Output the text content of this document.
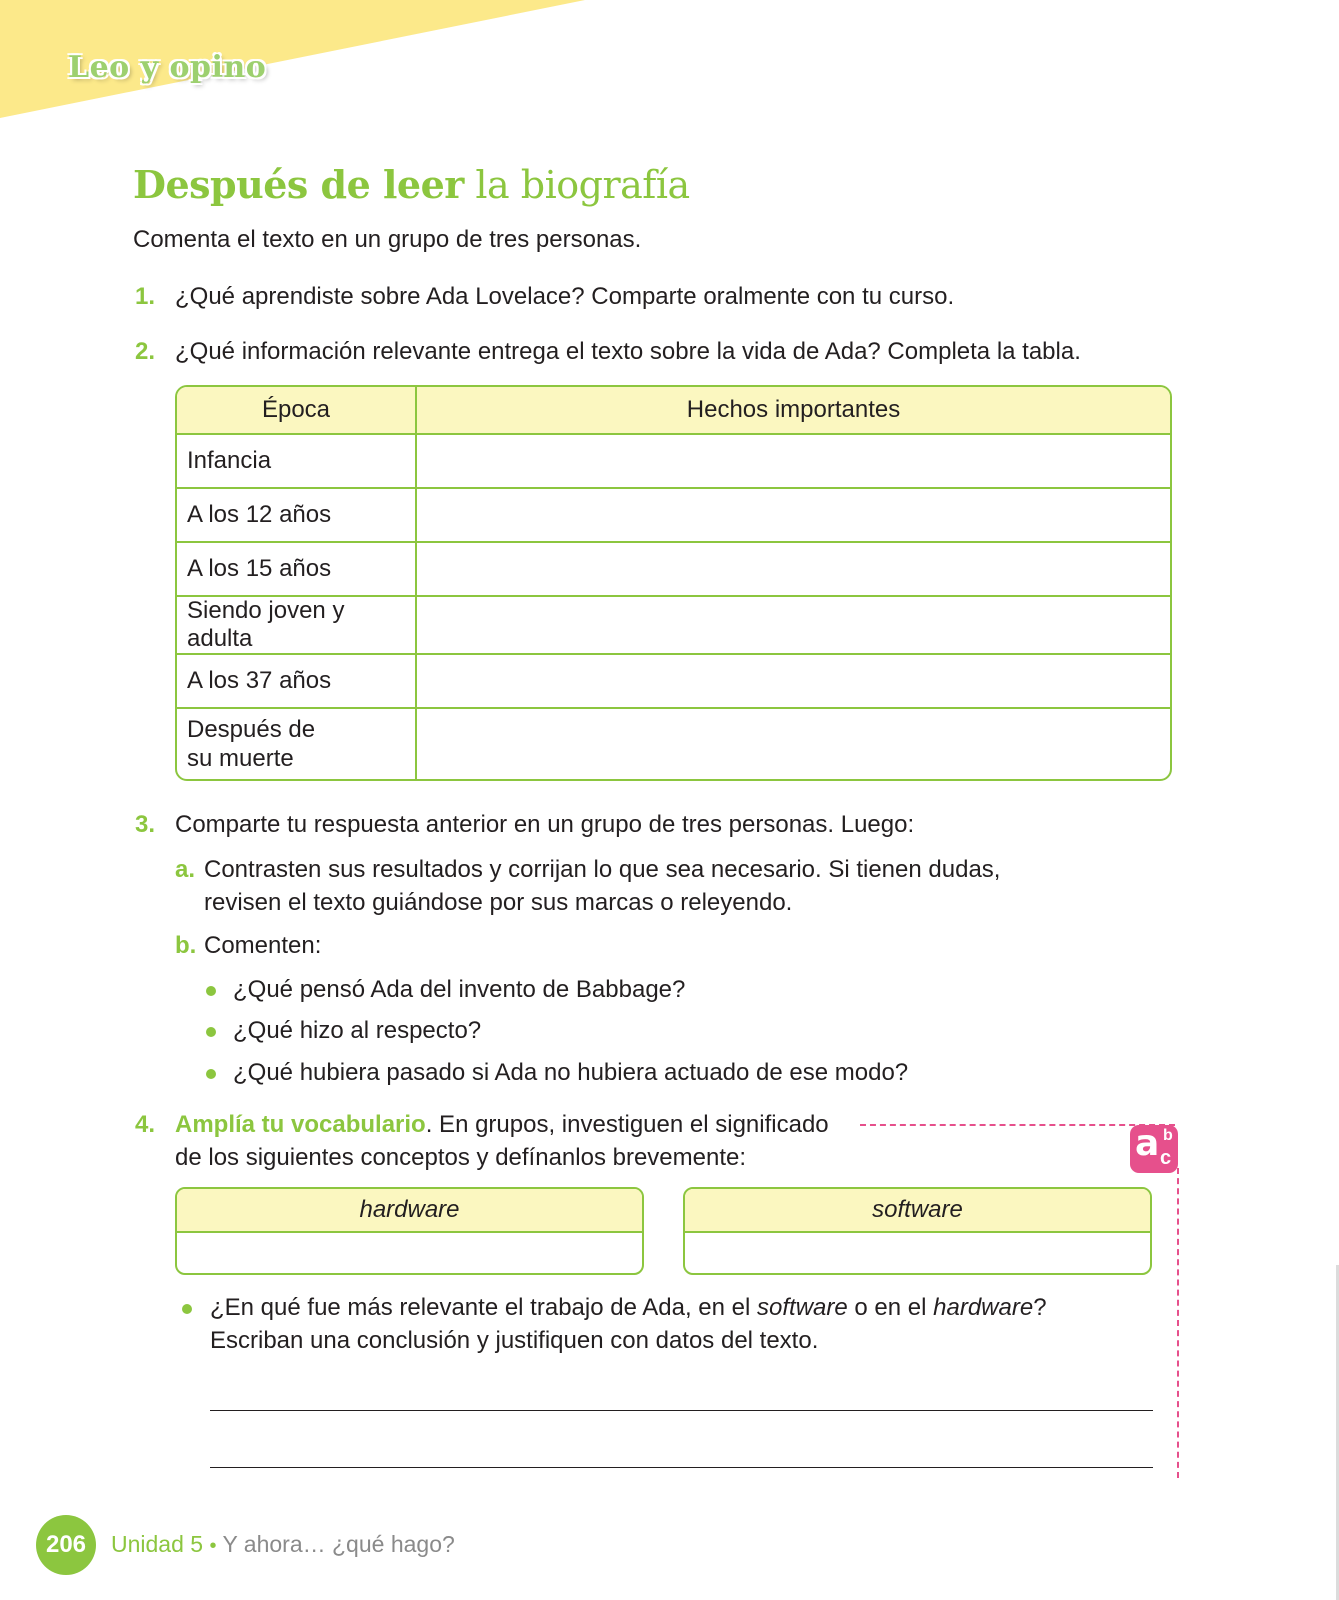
Leo y opino
Después de leer la biografía
Comenta el texto en un grupo de tres personas.
1. ¿Qué aprendiste sobre Ada Lovelace? Comparte oralmente con tu curso.
2. ¿Qué información relevante entrega el texto sobre la vida de Ada? Completa la tabla.
Época	Hechos importantes
Infancia	
A los 12 años	
A los 15 años	
Siendo joven y adulta	
A los 37 años	
Después de su muerte	
3. Comparte tu respuesta anterior en un grupo de tres personas. Luego:
a. Contrasten sus resultados y corrijan lo que sea necesario. Si tienen dudas,
revisen el texto guiándose por sus marcas o releyendo.
b. Comenten:
¿Qué pensó Ada del invento de Babbage?
¿Qué hizo al respecto?
¿Qué hubiera pasado si Ada no hubiera actuado de ese modo?
4. Amplía tu vocabulario. En grupos, investiguen el significado
de los siguientes conceptos y defínanlos brevemente:	a b
c
hardware	software
¿En qué fue más relevante el trabajo de Ada, en el software o en el hardware?
Escriban una conclusión y justifiquen con datos del texto.
206	Unidad 5 • Y ahora… ¿qué hago?
